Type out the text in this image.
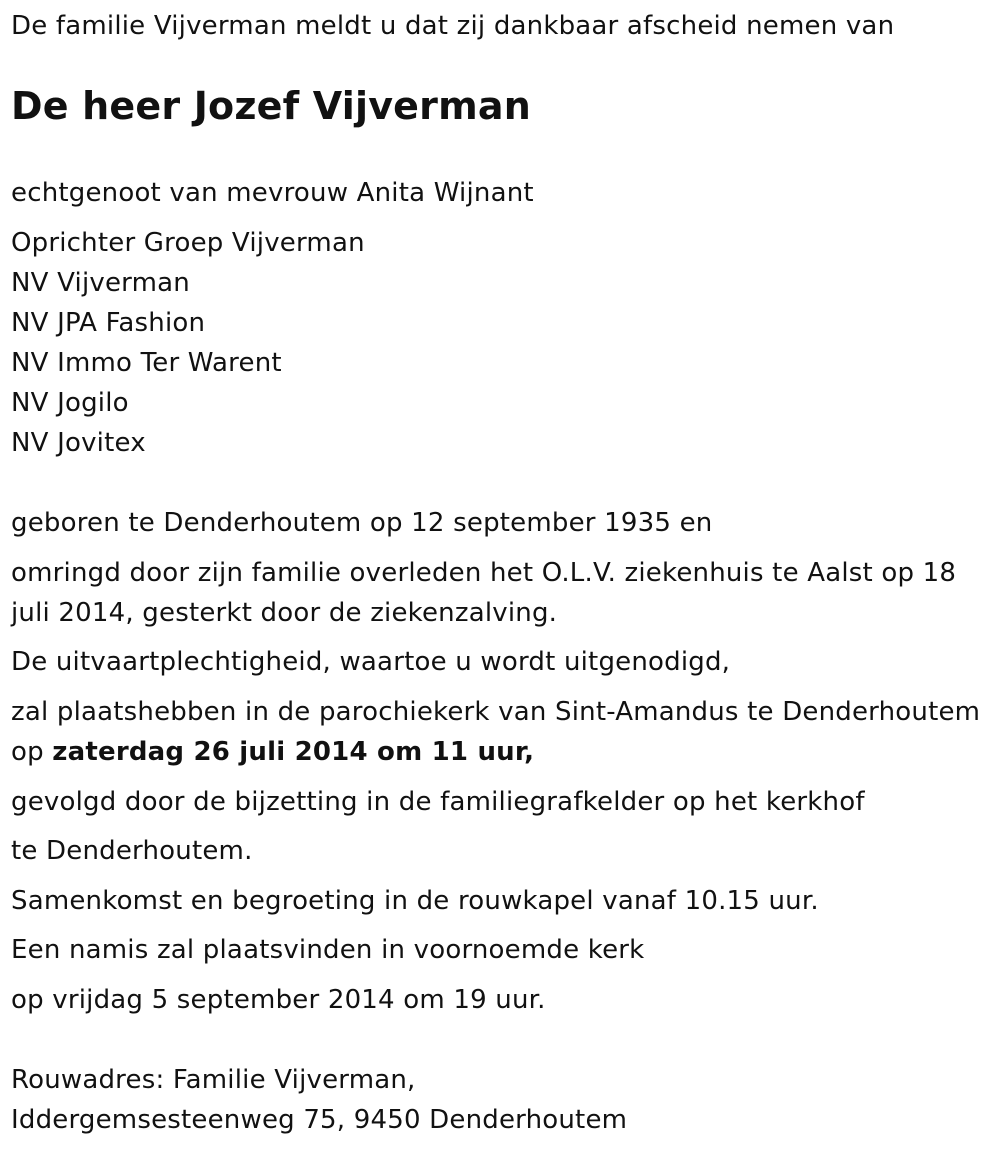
De familie Vijverman meldt u dat zij dankbaar afscheid nemen van
De heer Jozef Vijverman
echtgenoot van mevrouw Anita Wijnant
Oprichter Groep Vijverman
NV Vijverman
NV JPA Fashion
NV Immo Ter Warent
NV Jogilo
NV Jovitex
geboren te Denderhoutem op 12 september 1935 en
omringd door zijn familie overleden het O.L.V. ziekenhuis te Aalst op 18
juli 2014, gesterkt door de ziekenzalving.
De uitvaartplechtigheid, waartoe u wordt uitgenodigd,
zal plaatshebben in de parochiekerk van Sint-Amandus te Denderhoutem
op zaterdag 26 juli 2014 om 11 uur,
gevolgd door de bijzetting in de familiegrafkelder op het kerkhof
te Denderhoutem.
Samenkomst en begroeting in de rouwkapel vanaf 10.15 uur.
Een namis zal plaatsvinden in voornoemde kerk
op vrijdag 5 september 2014 om 19 uur.
Rouwadres: Familie Vijverman,
Iddergemsesteenweg 75, 9450 Denderhoutem
